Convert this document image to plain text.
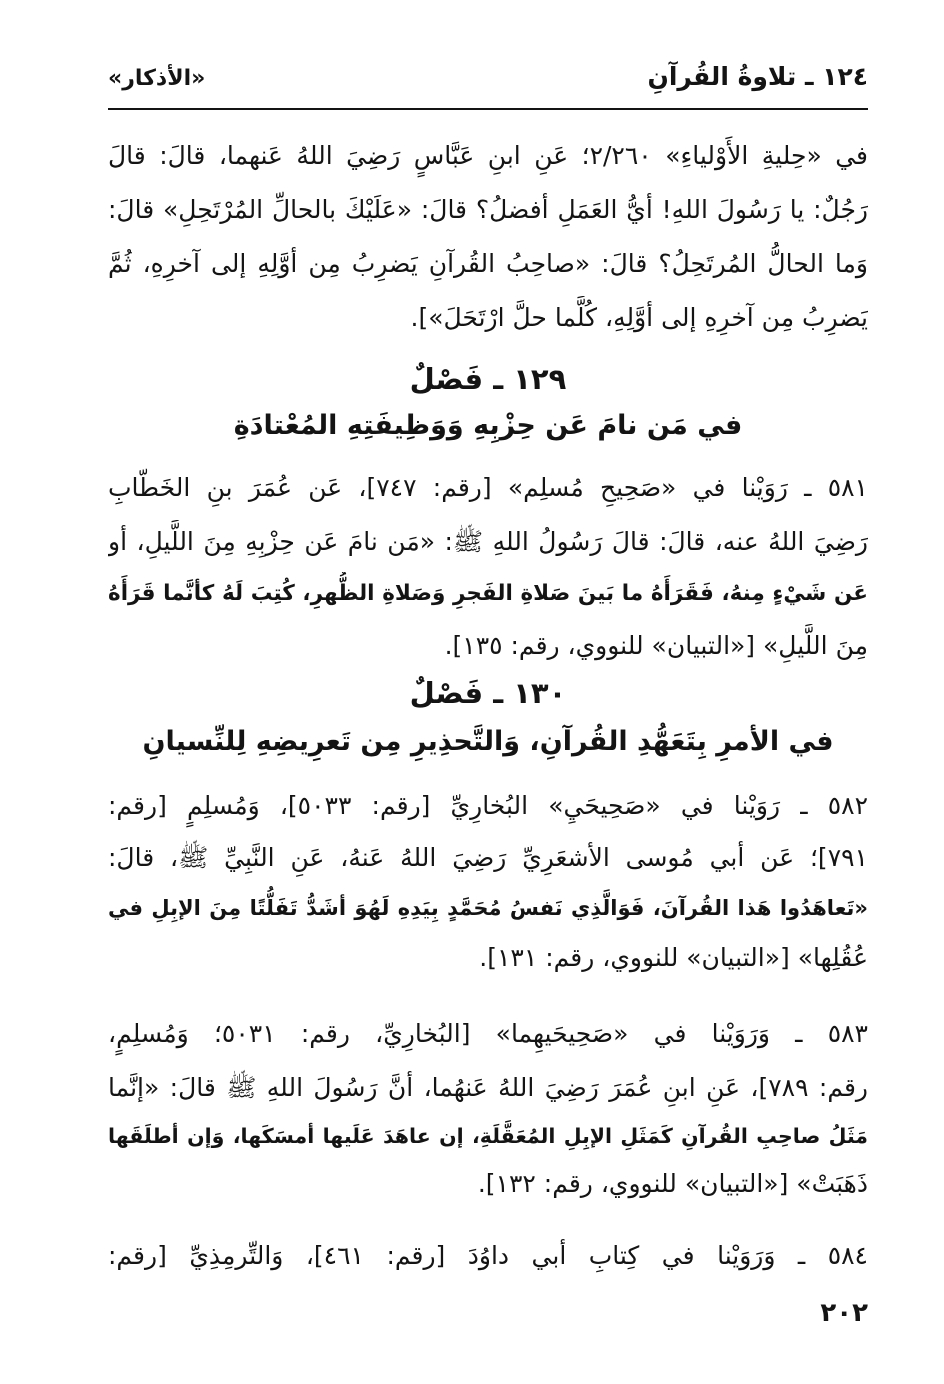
«الأذكار»	١٢٤ ـ تلاوةُ القُرآنِ
في «حِليةِ الأَوْلياءِ» ٢/٢٦٠؛ عَنِ ابنِ عَبَّاسٍ رَضِيَ اللهُ عَنهما، قالَ: قالَ
رَجُلٌ: يا رَسُولَ اللهِ! أيُّ العَمَلِ أفضلُ؟ قالَ: «عَلَيْكَ بالحالِّ المُرْتَحِلِ» قالَ:
وَما الحالُّ المُرتَحِلُ؟ قالَ: «صاحِبُ القُرآنِ يَضرِبُ مِن أوَّلِهِ إلى آخرِهِ، ثُمَّ
يَضرِبُ مِن آخرِهِ إلى أوَّلِهِ، كُلَّما حلَّ ارْتَحَلَ»].
١٢٩ ـ فَصْلٌ
في مَن نامَ عَن حِزْبِهِ وَوَظِيفَتِهِ المُعْتادَةِ
٥٨١ ـ رَوَيْنا في «صَحِيحِ مُسلِم» [رقم: ٧٤٧]، عَن عُمَرَ بنِ الخَطّابِ
رَضِيَ اللهُ عنه، قالَ: قالَ رَسُولُ اللهِ ﷺ: «مَن نامَ عَن حِزْبِهِ مِنَ اللَّيلِ، أو
عَن شَيْءٍ مِنهُ، فَقَرَأَهُ ما بَينَ صَلاةِ الفَجرِ وَصَلاةِ الظُّهرِ، كُتِبَ لَهُ كأنَّما قَرَأَهُ
مِنَ اللَّيلِ» [«التبيان» للنووي، رقم: ١٣٥].
١٣٠ ـ فَصْلٌ
في الأمرِ بِتَعَهُّدِ القُرآنِ، وَالتَّحذِيرِ مِن تَعرِيضِهِ لِلنِّسيانِ
٥٨٢ ـ رَوَيْنا في «صَحِيحَيِ» البُخارِيِّ [رقم: ٥٠٣٣]، وَمُسلِمٍ [رقم:
٧٩١]؛ عَن أبي مُوسى الأشعَرِيِّ رَضِيَ اللهُ عَنهُ، عَنِ النَّبِيِّ ﷺ، قالَ:
«تَعاهَدُوا هَذا القُرآنَ، فَوَالَّذِي نَفسُ مُحَمَّدٍ بِيَدِهِ لَهُوَ أشَدُّ تَفَلُّتًا مِنَ الإبِلِ في
عُقُلِها» [«التبيان» للنووي، رقم: ١٣١].
٥٨٣ ـ وَرَوَيْنا في «صَحِيحَيهِما» [البُخارِيِّ، رقم: ٥٠٣١؛ وَمُسلِمٍ،
رقم: ٧٨٩]، عَنِ ابنِ عُمَرَ رَضِيَ اللهُ عَنهُما، أنَّ رَسُولَ اللهِ ﷺ قالَ: «إنَّما
مَثَلُ صاحِبِ القُرآنِ كَمَثَلِ الإبِلِ المُعَقَّلَةِ، إن عاهَدَ عَلَيها أمسَكَها، وَإن أطلَقَها
ذَهَبَتْ» [«التبيان» للنووي، رقم: ١٣٢].
٥٨٤ ـ وَرَوَيْنا في كِتابِ أبي داوُدَ [رقم: ٤٦١]، وَالتِّرمِذِيِّ [رقم:
٢٠٢
